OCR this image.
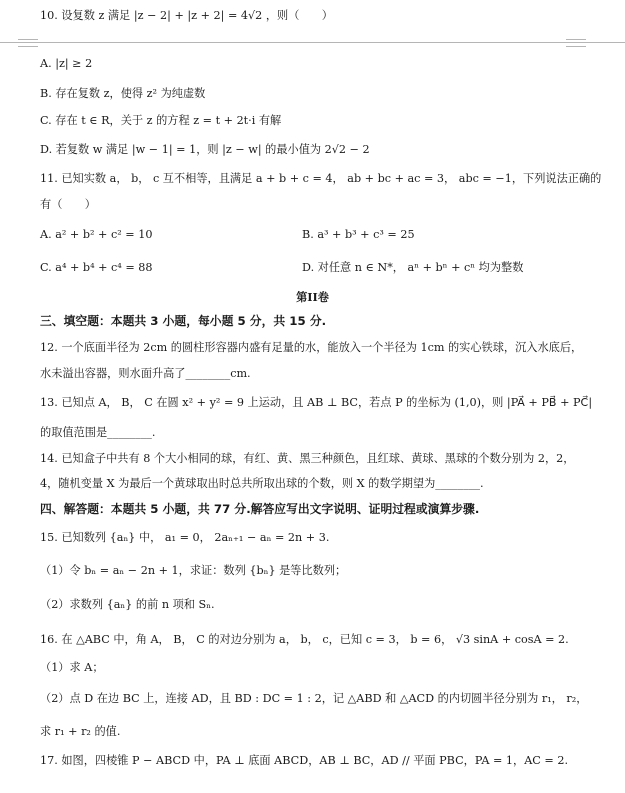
10. 设复数 z 满足 |z − 2| + |z + 2| = 4√2 ，则（　　）
A. |z| ≥ 2
B. 存在复数 z，使得 z² 为纯虚数
C. 存在 t ∈ R，关于 z 的方程 z = t + 2t·i 有解
D. 若复数 w 满足 |w − 1| = 1，则 |z − w| 的最小值为 2√2 − 2
11. 已知实数 a， b， c 互不相等，且满足 a + b + c = 4， ab + bc + ac = 3， abc = −1，下列说法正确的
有（　　）
A. a² + b² + c² = 10	B. a³ + b³ + c³ = 25
C. a⁴ + b⁴ + c⁴ = 88	D. 对任意 n ∈ N*， aⁿ + bⁿ + cⁿ 均为整数
第II卷
三、填空题：本题共 3 小题，每小题 5 分，共 15 分.
12. 一个底面半径为 2cm 的圆柱形容器内盛有足量的水，能放入一个半径为 1cm 的实心铁球，沉入水底后，
水未溢出容器，则水面升高了________cm.
13. 已知点 A， B， C 在圆 x² + y² = 9 上运动，且 AB ⊥ BC，若点 P 的坐标为 (1,0)，则 |PA⃗ + PB⃗ + PC⃗|
的取值范围是________.
14. 已知盒子中共有 8 个大小相同的球，有红、黄、黑三种颜色，且红球、黄球、黑球的个数分别为 2，2，
4，随机变量 X 为最后一个黄球取出时总共所取出球的个数，则 X 的数学期望为________.
四、解答题：本题共 5 小题，共 77 分.解答应写出文字说明、证明过程或演算步骤.
15. 已知数列 {aₙ} 中， a₁ = 0， 2aₙ₊₁ − aₙ = 2n + 3.
（1）令 bₙ = aₙ − 2n + 1，求证：数列 {bₙ} 是等比数列；
（2）求数列 {aₙ} 的前 n 项和 Sₙ.
16. 在 △ABC 中，角 A， B， C 的对边分别为 a， b， c，已知 c = 3， b = 6， √3 sinA + cosA = 2.
（1）求 A；
（2）点 D 在边 BC 上，连接 AD，且 BD : DC = 1 : 2，记 △ABD 和 △ACD 的内切圆半径分别为 r₁， r₂，
求 r₁ + r₂ 的值.
17. 如图，四棱锥 P − ABCD 中，PA ⊥ 底面 ABCD，AB ⊥ BC，AD // 平面 PBC，PA = 1，AC = 2.
